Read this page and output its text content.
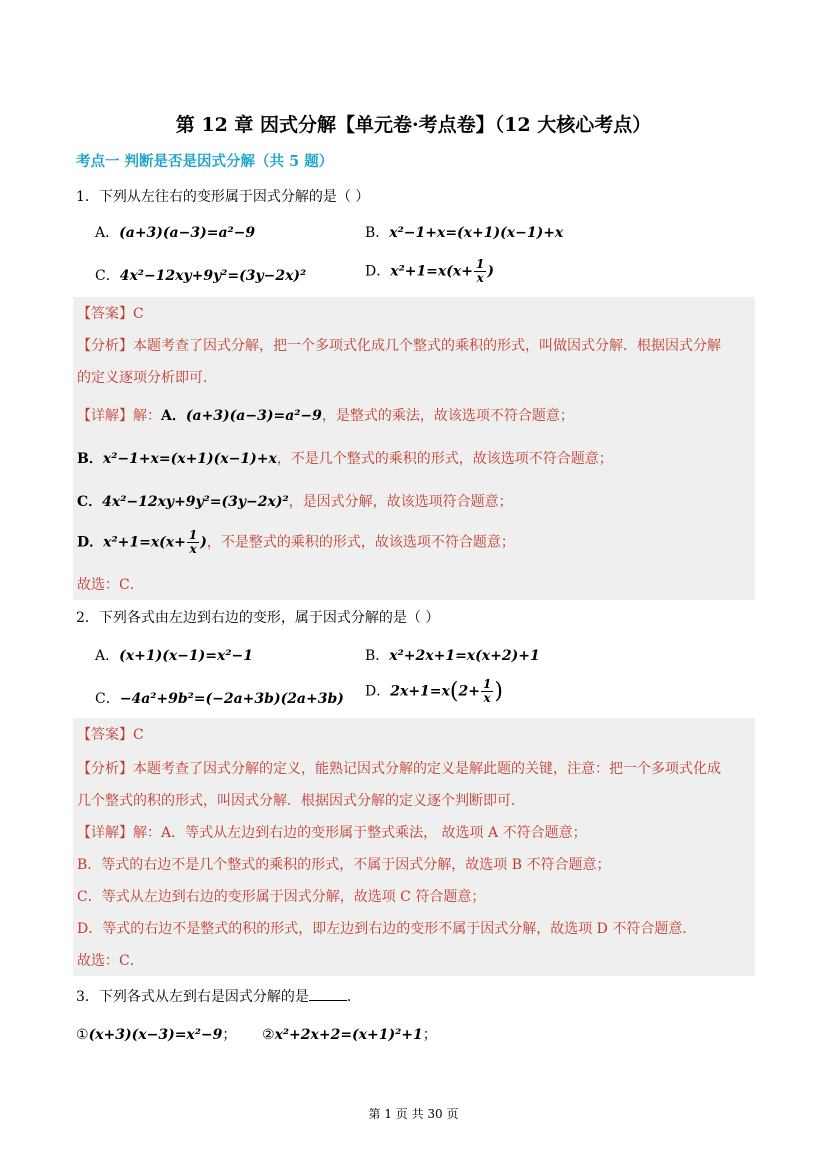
第 12 章 因式分解【单元卷·考点卷】（12 大核心考点）
考点一 判断是否是因式分解（共 5 题）
1．下列从左往右的变形属于因式分解的是（ ）
A．(a+3)(a−3)=a²−9	B．x²−1+x=(x+1)(x−1)+x
C．4x²−12xy+9y²=(3y−2x)²	D．$x^2+1=x(x+ \frac{1}{x}$ )
【答案】C
【分析】本题考查了因式分解，把一个多项式化成几个整式的乘积的形式，叫做因式分解．根据因式分解
的定义逐项分析即可．
【详解】解：A．(a+3)(a−3)=a²−9，是整式的乘法，故该选项不符合题意；
B．x²−1+x=(x+1)(x−1)+x，不是几个整式的乘积的形式，故该选项不符合题意；
C．4x²−12xy+9y²=(3y−2x)²，是因式分解，故该选项符合题意；
D．$x^2+1=x(x+ \frac{1}{x}$ )，不是整式的乘积的形式，故该选项不符合题意；
故选：C．
2．下列各式由左边到右边的变形，属于因式分解的是（ ）
A．(x+1)(x−1)=x²−1	B．x²+2x+1=x(x+2)+1
C．−4a²+9b²=(−2a+3b)(2a+3b) D．$2x+1=x(2+ \frac{1}{x}$ )
【答案】C
【分析】本题考查了因式分解的定义，能熟记因式分解的定义是解此题的关键，注意：把一个多项式化成
几个整式的积的形式，叫因式分解．根据因式分解的定义逐个判断即可．
【详解】解：A．等式从左边到右边的变形属于整式乘法， 故选项 A 不符合题意；
B．等式的右边不是几个整式的乘积的形式，不属于因式分解，故选项 B 不符合题意；
C．等式从左边到右边的变形属于因式分解，故选项 C 符合题意；
D．等式的右边不是整式的积的形式，即左边到右边的变形不属于因式分解，故选项 D 不符合题意．
故选：C．
3．下列各式从左到右是因式分解的是	．
①(x+3)(x−3)=x²−9； ②x²+2x+2=(x+1)²+1；
第 1 页 共 30 页
